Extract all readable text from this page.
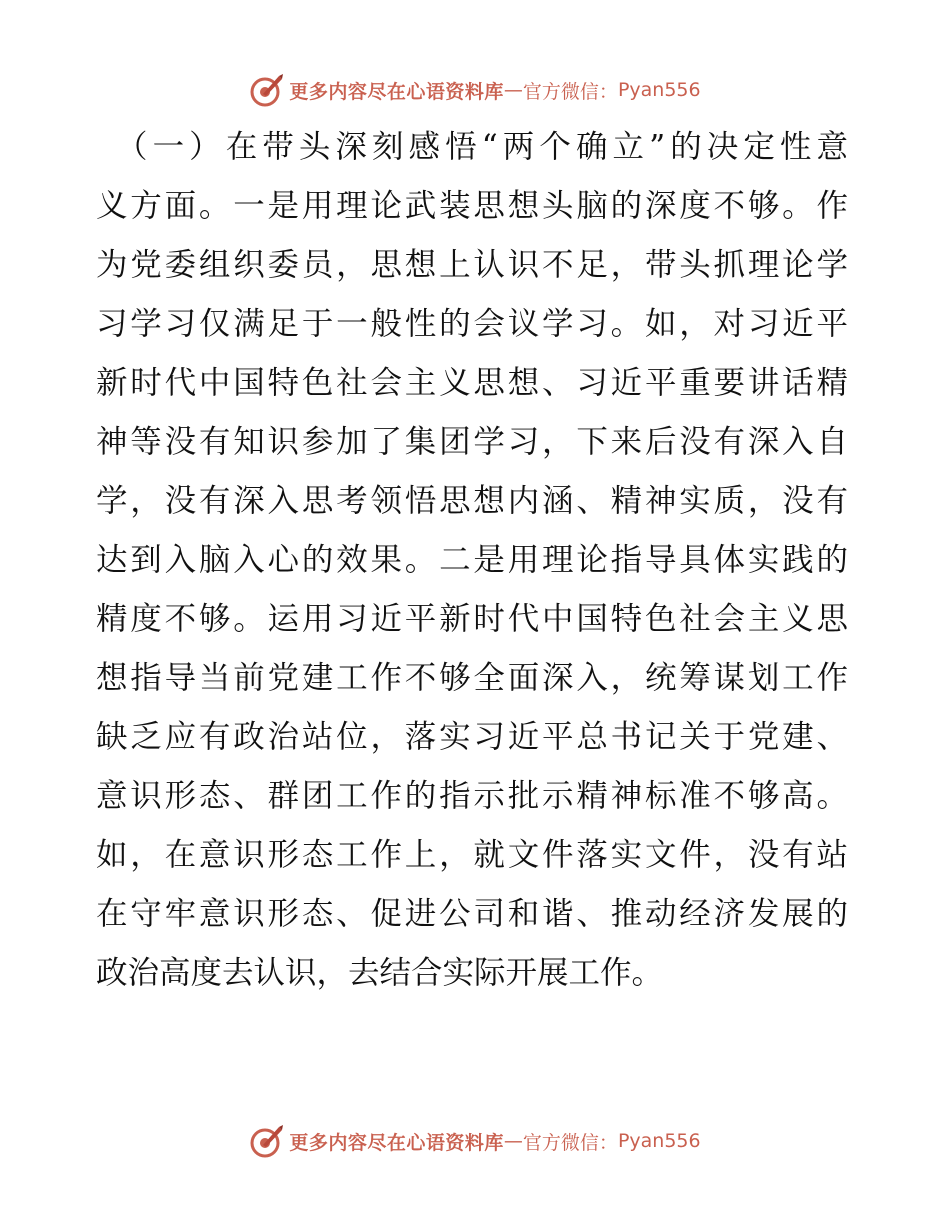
更多内容尽在心语资料库 — 官方微信： Pyan556
（一）在带头深刻感悟“两个确立”的决定性意
义方面。一是用理论武装思想头脑的深度不够。作
为党委组织委员，思想上认识不足，带头抓理论学
习学习仅满足于一般性的会议学习。如，对习近平
新时代中国特色社会主义思想、习近平重要讲话精
神等没有知识参加了集团学习，下来后没有深入自
学，没有深入思考领悟思想内涵、精神实质，没有
达到入脑入心的效果。二是用理论指导具体实践的
精度不够。运用习近平新时代中国特色社会主义思
想指导当前党建工作不够全面深入，统筹谋划工作
缺乏应有政治站位，落实习近平总书记关于党建、
意识形态、群团工作的指示批示精神标准不够高。
如，在意识形态工作上，就文件落实文件，没有站
在守牢意识形态、促进公司和谐、推动经济发展的
政治高度去认识，去结合实际开展工作。
更多内容尽在心语资料库 — 官方微信： Pyan556
